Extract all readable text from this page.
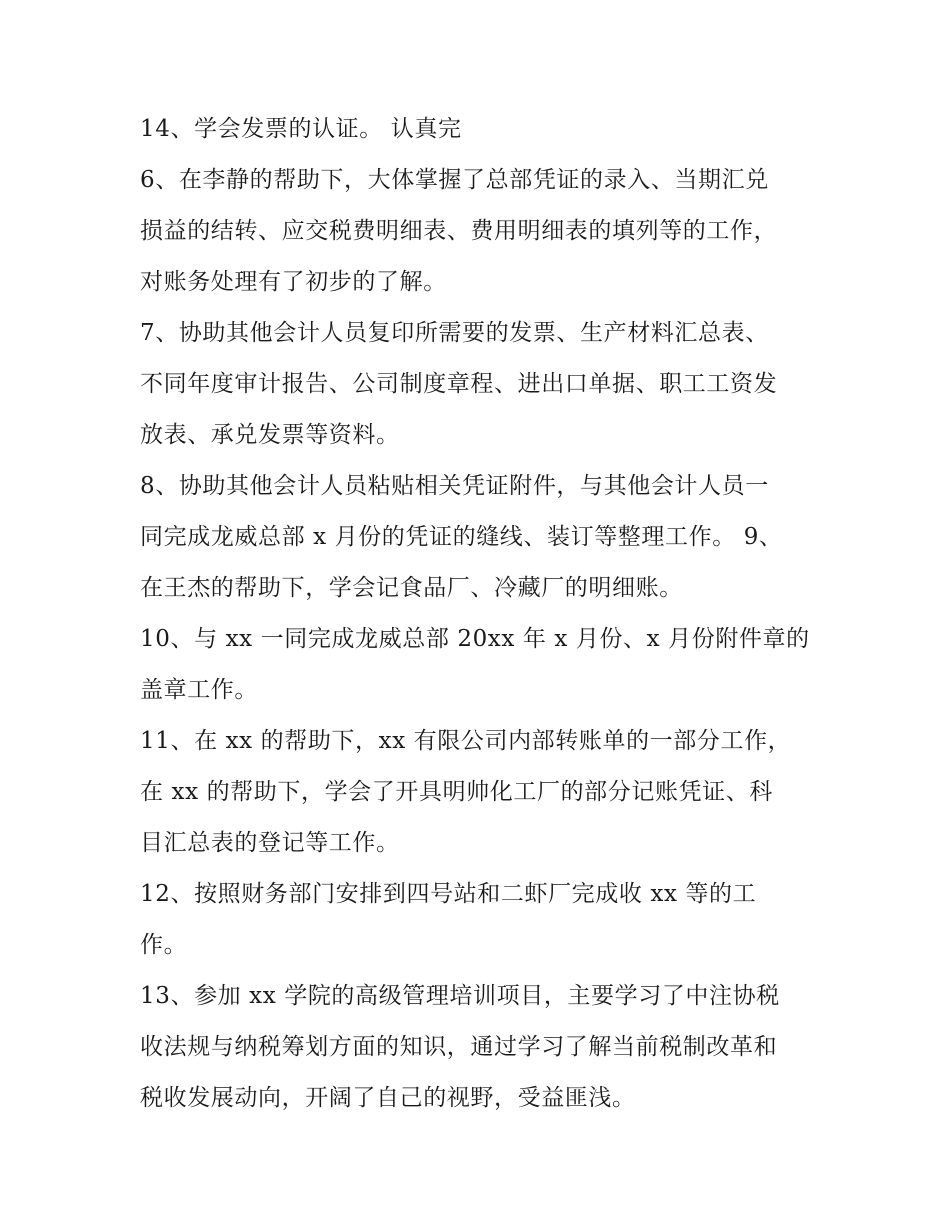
14、学会发票的认证。 认真完
6、在李静的帮助下，大体掌握了总部凭证的录入、当期汇兑
损益的结转、应交税费明细表、费用明细表的填列等的工作，
对账务处理有了初步的了解。
7、协助其他会计人员复印所需要的发票、生产材料汇总表、
不同年度审计报告、公司制度章程、进出口单据、职工工资发
放表、承兑发票等资料。
8、协助其他会计人员粘贴相关凭证附件，与其他会计人员一
同完成龙威总部 x 月份的凭证的缝线、装订等整理工作。 9、
在王杰的帮助下，学会记食品厂、冷藏厂的明细账。
10、与 xx 一同完成龙威总部 20xx 年 x 月份、x 月份附件章的
盖章工作。
11、在 xx 的帮助下，xx 有限公司内部转账单的一部分工作，
在 xx 的帮助下，学会了开具明帅化工厂的部分记账凭证、科
目汇总表的登记等工作。
12、按照财务部门安排到四号站和二虾厂完成收 xx 等的工
作。
13、参加 xx 学院的高级管理培训项目，主要学习了中注协税
收法规与纳税筹划方面的知识，通过学习了解当前税制改革和
税收发展动向，开阔了自己的视野，受益匪浅。
